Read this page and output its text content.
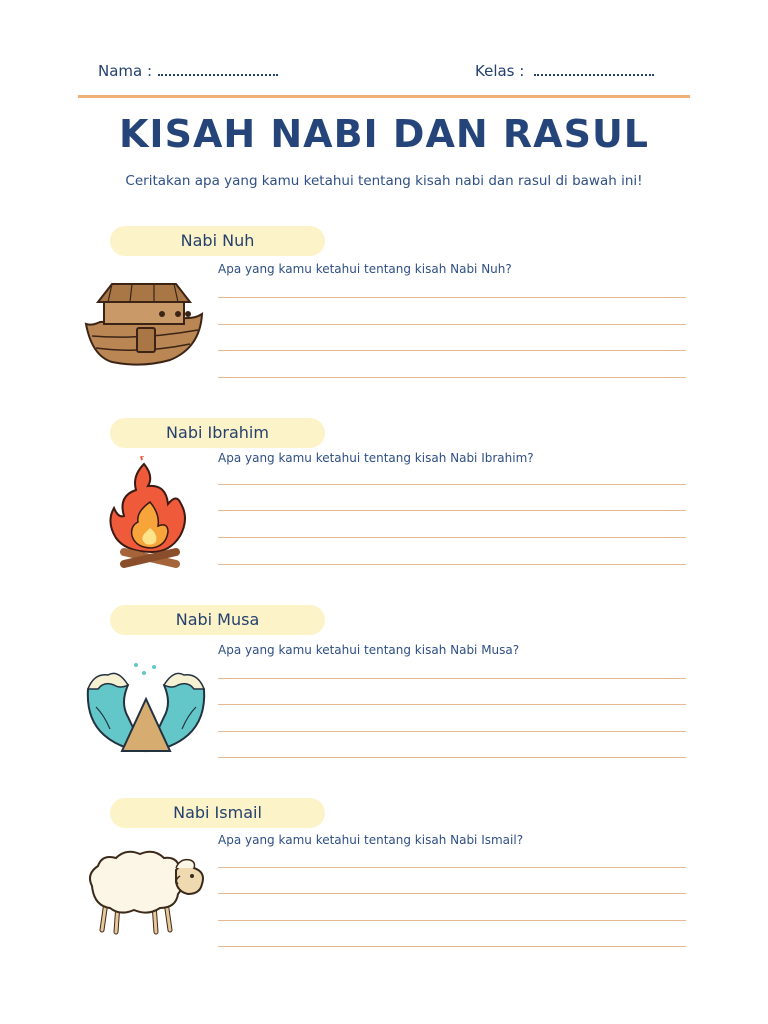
Nama :	Kelas :
KISAH NABI DAN RASUL
Ceritakan apa yang kamu ketahui tentang kisah nabi dan rasul di bawah ini!
Nabi Nuh
Apa yang kamu ketahui tentang kisah Nabi Nuh?
Nabi Ibrahim
Apa yang kamu ketahui tentang kisah Nabi Ibrahim?
Nabi Musa
Apa yang kamu ketahui tentang kisah Nabi Musa?
Nabi Ismail
Apa yang kamu ketahui tentang kisah Nabi Ismail?
